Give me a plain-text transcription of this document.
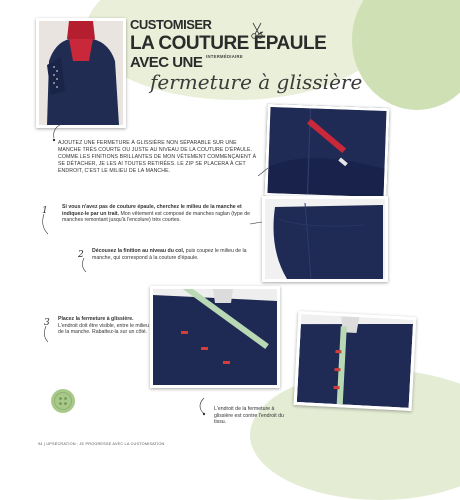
CUSTOMISER
LA COUTURE ÉPAULE
AVEC UNE INTERMÉDIAIRE
fermeture à glissière
AJOUTEZ UNE FERMETURE À GLISSIÈRE NON SÉPARABLE SUR UNE MANCHE TRÈS COURTE OU JUSTE AU NIVEAU DE LA COUTURE D'ÉPAULE. COMME LES FINITIONS BRILLANTES DE MON VÊTEMENT COMMENÇAIENT À SE DÉTACHER, JE LES AI TOUTES RETIRÉES. LE ZIP SE PLACERA À CET ENDROIT, C'EST LE MILIEU DE LA MANCHE.
1	Si vous n'avez pas de couture épaule, cherchez le milieu de la manche et indiquez-le par un trait. Mon vêtement est composé de manches raglan (type de manches remontant jusqu'à l'encolure) très courtes.
2 Décousez la finition au niveau du col, puis coupez le milieu de la manche, qui correspond à la couture d'épaule.
3 Placez la fermeture à glissière. L'endroit doit être visible, entre le milieu de la manche. Rabattez-la sur un côté.
L'endroit de la fermeture à glissière est contre l'endroit du tissu.
94 | UPSÉCRATION : JE PROGRESSE AVEC LA CUSTOMISATION
